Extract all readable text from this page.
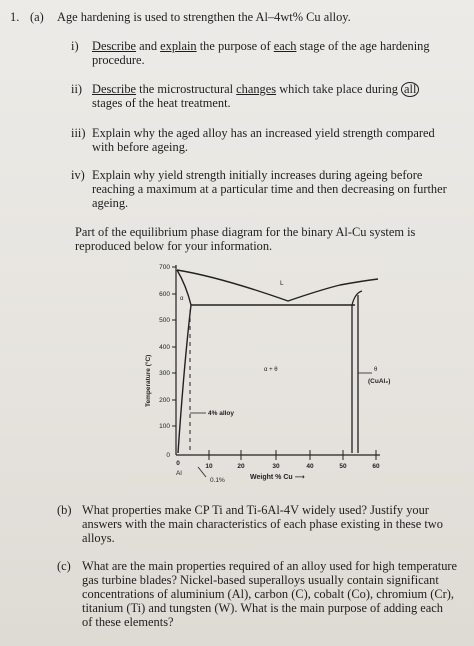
1. (a) Age hardening is used to strengthen the Al–4wt% Cu alloy.
i) Describe and explain the purpose of each stage of the age hardening
procedure.
ii) Describe the microstructural changes which take place during all
stages of the heat treatment.
iii) Explain why the aged alloy has an increased yield strength compared
with before ageing.
iv) Explain why yield strength initially increases during ageing before
reaching a maximum at a particular time and then decreasing on further
ageing.
Part of the equilibrium phase diagram for the binary Al-Cu system is
reproduced below for your information.
700
600
500
400
300
200
100
0
Temperature (°C)
0	10	20	30	40	50	60
Al
0.1%	Weight % Cu ⟶
4% alloy
L
α
α + θ	θ
(CuAl₂)
(b) What properties make CP Ti and Ti-6Al-4V widely used? Justify your
answers with the main characteristics of each phase existing in these two
alloys.
(c) What are the main properties required of an alloy used for high temperature
gas turbine blades? Nickel-based superalloys usually contain significant
concentrations of aluminium (Al), carbon (C), cobalt (Co), chromium (Cr),
titanium (Ti) and tungsten (W). What is the main purpose of adding each
of these elements?
